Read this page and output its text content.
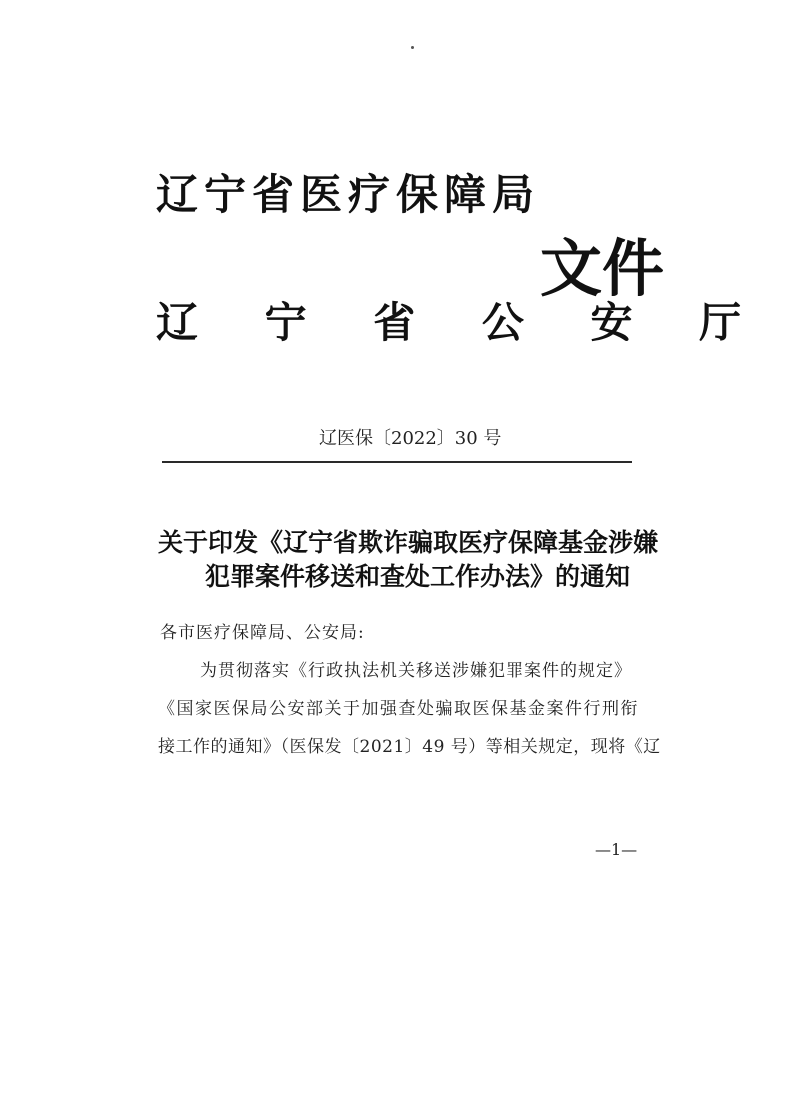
辽宁省医疗保障局
辽 宁 省 公 安 厅
文件
辽医保〔2022〕30 号
关于印发《辽宁省欺诈骗取医疗保障基金涉嫌
犯罪案件移送和查处工作办法》的通知
各市医疗保障局、公安局:
为贯彻落实《行政执法机关移送涉嫌犯罪案件的规定》
《国家医保局公安部关于加强查处骗取医保基金案件行刑衔
接工作的通知》（医保发〔2021〕49 号）等相关规定，现将《辽
—1—
